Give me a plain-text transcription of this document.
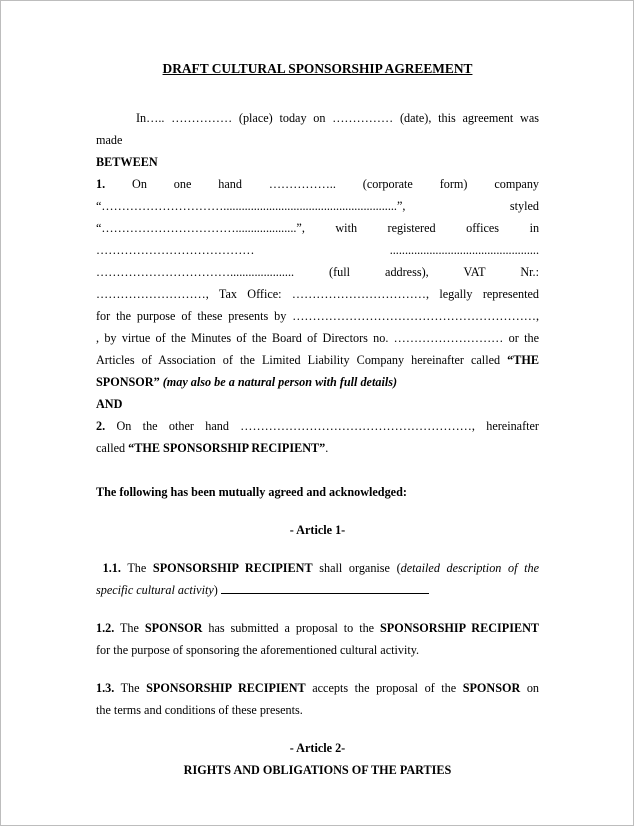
DRAFT CULTURAL SPONSORSHIP AGREEMENT
In….. …………… (place) today on …………… (date), this agreement was
made
BETWEEN
1. On one hand …………….. (corporate form) company
“………………………….........................................................”,	styled
“……………………………....................”,	with	registered	offices	in
…………………………………	.................................................
…………………………….....................	(full	address),	VAT	Nr.:
………………………, Tax Office: ……………………………, legally represented
for the purpose of these presents by ……………………………………………………,
, by virtue of the Minutes of the Board of Directors no. ……………………… or the
Articles of Association of the Limited Liability Company hereinafter called “THE
SPONSOR” (may also be a natural person with full details)
AND
2. On the other hand …………………………………………………, hereinafter
called “THE SPONSORSHIP RECIPIENT”.
The following has been mutually agreed and acknowledged:
- Article 1-
1.1. The SPONSORSHIP RECIPIENT shall organise (detailed description of the
specific cultural activity)
1.2. The SPONSOR has submitted a proposal to the SPONSORSHIP RECIPIENT
for the purpose of sponsoring the aforementioned cultural activity.
1.3. The SPONSORSHIP RECIPIENT accepts the proposal of the SPONSOR on
the terms and conditions of these presents.
- Article 2-
RIGHTS AND OBLIGATIONS OF THE PARTIES
